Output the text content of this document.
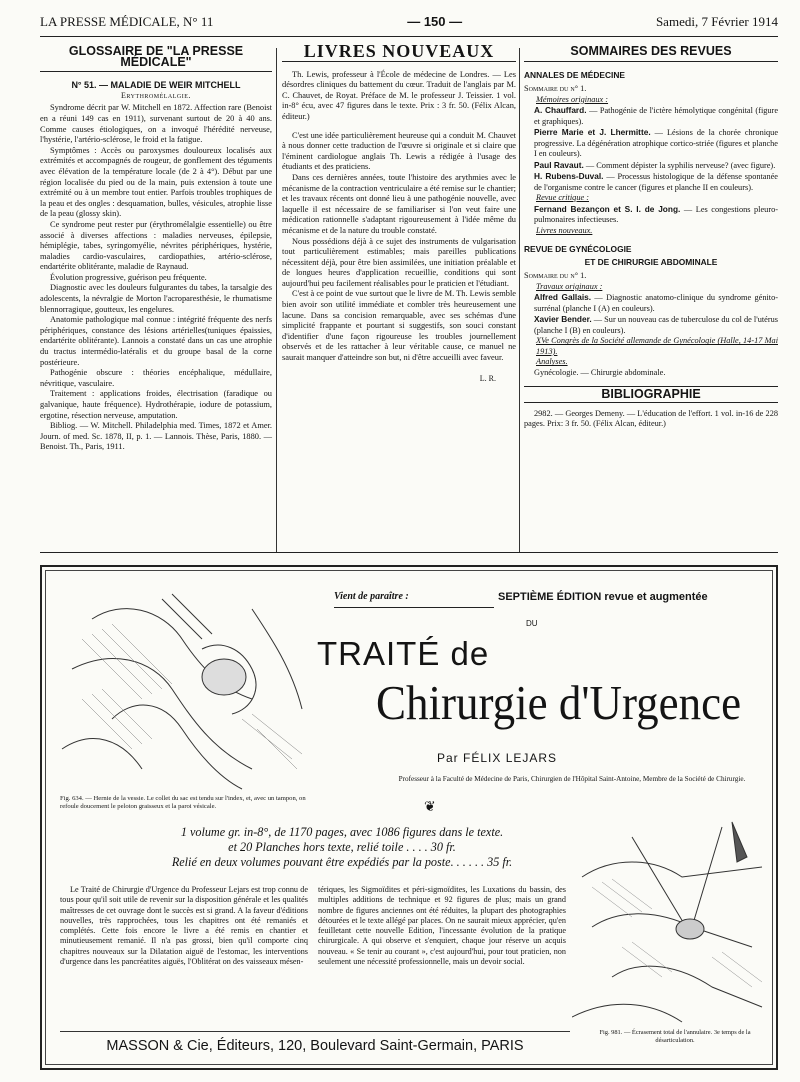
LA PRESSE MÉDICALE, N° 11	— 150 —	Samedi, 7 Février 1914
GLOSSAIRE DE "LA PRESSE MÉDICALE"
N° 51. — MALADIE DE WEIR MITCHELL
Erythromélalgie.

Syndrome décrit par W. Mitchell en 1872. Affection rare (Benoist en a réuni 149 cas en 1911), survenant surtout de 20 à 40 ans. Comme causes étiologiques, on a invoqué l'hérédité nerveuse, l'hystérie, l'artério-sclérose, le froid et la fatigue.

Symptômes : Accès ou paroxysmes douloureux localisés aux extrémités et accompagnés de rougeur, de gonflement des téguments avec élévation de la température locale (de 2 à 4°). Début par une région localisée du pied ou de la main, puis extension à toute une extrémité ou à un membre tout entier. Parfois troubles trophiques de la peau et des ongles : desquamation, bulles, vésicules, atrophie lisse de la peau (glossy skin).

Ce syndrome peut rester pur (érythromélalgie essentielle) ou être associé à diverses affections : maladies nerveuses, épilepsie, hémiplégie, tabes, syringomyélie, névrites périphériques, hystérie, maladies cardio-vasculaires, cardiopathies, artério-sclérose, endartérite oblitérante, maladie de Raynaud.

Évolution progressive, guérison peu fréquente.

Diagnostic avec les douleurs fulgurantes du tabes, la tarsalgie des adolescents, la névralgie de Morton l'acroparesthésie, le rhumatisme blennorragique, goutteux, les engelures.

Anatomie pathologique mal connue : intégrité fréquente des nerfs périphériques, constance des lésions artérielles(tuniques épaissies, endartérite oblitérante). Lannois a constaté dans un cas une atrophie du tractus intermédio-latéralis et du groupe basal de la corne postérieure.

Pathogénie obscure : théories encéphalique, médullaire, névritique, vasculaire.

Traitement : applications froides, électrisation (faradique ou galvanique, haute fréquence). Hydrothérapie, iodure de potassium, ergotine, résection nerveuse, amputation.

Bibliog. — W. Mitchell. Philadelphia med. Times, 1872 et Amer. Journ. of med. Sc. 1878, II, p. 1. — Lannois. Thèse, Paris, 1880. — Benoist. Th., Paris, 1911.

LIVRES NOUVEAUX

Th. Lewis, professeur à l'École de médecine de Londres. — Les désordres cliniques du battement du cœur. Traduit de l'anglais par M. C. Chauvet, de Royat. Préface de M. le professeur J. Teissier. 1 vol. in-8° écu, avec 47 figures dans le texte. Prix : 3 fr. 50. (Félix Alcan, éditeur.)

C'est une idée particulièrement heureuse qui a conduit M. Chauvet à nous donner cette traduction de l'œuvre si originale et si claire que l'éminent cardiologue anglais Th. Lewis a rédigée à l'usage des étudiants et des praticiens.

Dans ces dernières années, toute l'histoire des arythmies avec le mécanisme de la contraction ventriculaire a été remise sur le chantier; et les travaux récents ont donné lieu à une pathogénie nouvelle, avec laquelle il est nécessaire de se familiariser si l'on veut faire une médication rationnelle s'adaptant rigoureusement à l'idée même du mécanisme et de la nature du trouble constaté.

Nous possédions déjà à ce sujet des instruments de vulgarisation tout particulièrement estimables; mais pareilles publications nécessitent déjà, pour être bien assimilées, une initiation préalable et de longues heures d'application recueillie, conditions qui sont aujourd'hui peu facilement réalisables pour le praticien et l'étudiant.

C'est à ce point de vue surtout que le livre de M. Th. Lewis semble bien avoir son utilité immédiate et combler très heureusement une lacune. Dans sa concision remarquable, avec ses schémas d'une simplicité frappante et pourtant si suggestifs, son souci constant d'identifier d'une façon rigoureuse les troubles journellement observés et de les rattacher à leur véritable cause, ce manuel ne saurait manquer d'atteindre son but, ni d'être accueilli avec faveur.

L. R.
SOMMAIRES DES REVUES
ANNALES DE MÉDECINE
Sommaire du n° 1.
Mémoires originaux :
A. Chauffard. — Pathogénie de l'ictère hémolytique congénital (figure et graphiques).
Pierre Marie et J. Lhermitte. — Lésions de la chorée chronique progressive. La dégénération atrophique cortico-striée (figures et planche I en couleurs).
Paul Ravaut. — Comment dépister la syphilis nerveuse? (avec figure).
H. Rubens-Duval. — Processus histologique de la défense spontanée de l'organisme contre le cancer (figures et planche II en couleurs).
Revue critique :
Fernand Bezançon et S. I. de Jong. — Les congestions pleuro-pulmonaires infectieuses.
Livres nouveaux.
REVUE DE GYNÉCOLOGIE
ET DE CHIRURGIE ABDOMINALE
Sommaire du n° 1.
Travaux originaux :
Alfred Gallais. — Diagnostic anatomo-clinique du syndrome génito-surrénal (planche I (A) en couleurs).
Xavier Bender. — Sur un nouveau cas de tuberculose du col de l'utérus (planche I (B) en couleurs).
XVe Congrès de la Société allemande de Gynécologie (Halle, 14-17 Mai 1913).
Analyses.
Gynécologie. — Chirurgie abdominale.
BIBLIOGRAPHIE

2982. — Georges Demeny. — L'éducation de l'effort. 1 vol. in-16 de 228 pages. Prix: 3 fr. 50. (Félix Alcan, éditeur.)

Fig. 634. — Hernie de la vessie. Le collet du sac est tendu sur l'index, et, avec un tampon, on refoule doucement le peloton graisseux et la paroi vésicale.
Vient de paraître :	SEPTIÈME ÉDITION revue et augmentée
DU
TRAITÉ de
Chirurgie d'Urgence
Par FÉLIX LEJARS
Professeur à la Faculté de Médecine de Paris, Chirurgien de l'Hôpital Saint-Antoine, Membre de la Société de Chirurgie.
❦
1 volume gr. in-8°, de 1170 pages, avec 1086 figures dans le texte.
et 20 Planches hors texte, relié toile . . . . 30 fr.
Relié en deux volumes pouvant être expédiés par la poste. . . . . . 35 fr.

Le Traité de Chirurgie d'Urgence du Professeur Lejars est trop connu de tous pour qu'il soit utile de revenir sur la disposition générale et les qualités maîtresses de cet ouvrage dont le succès est si grand. A la faveur d'éditions nouvelles, très rapprochées, tous les chapitres ont été remaniés et complétés. Cette fois encore le livre a été remis en chantier et minutieusement remanié. Il n'a pas grossi, bien qu'il comporte cinq chapitres nouveaux sur la Dilatation aiguë de l'estomac, les interventions d'urgence dans les pancréatites aiguës, l'Oblitérat on des vaisseaux mésen-

tériques, les Sigmoïdites et péri-sigmoïdites, les Luxations du bassin, des multiples additions de technique et 92 figures de plus; mais un grand nombre de figures anciennes ont été réduites, la plupart des photographies détourées et le texte allégé par places. On ne saurait mieux apprécier, qu'en feuilletant cette nouvelle Edition, l'incessante évolution de la pratique chirurgicale. A qui observe et s'enquiert, chaque jour réserve un acquis nouveau. « Se tenir au courant », c'est aujourd'hui, pour tout praticien, non seulement une nécessité professionnelle, mais un devoir social.

Fig. 981. — Écrasement total de l'annulaire. 3e temps de la désarticulation.
MASSON & Cie, Éditeurs, 120, Boulevard Saint-Germain, PARIS
